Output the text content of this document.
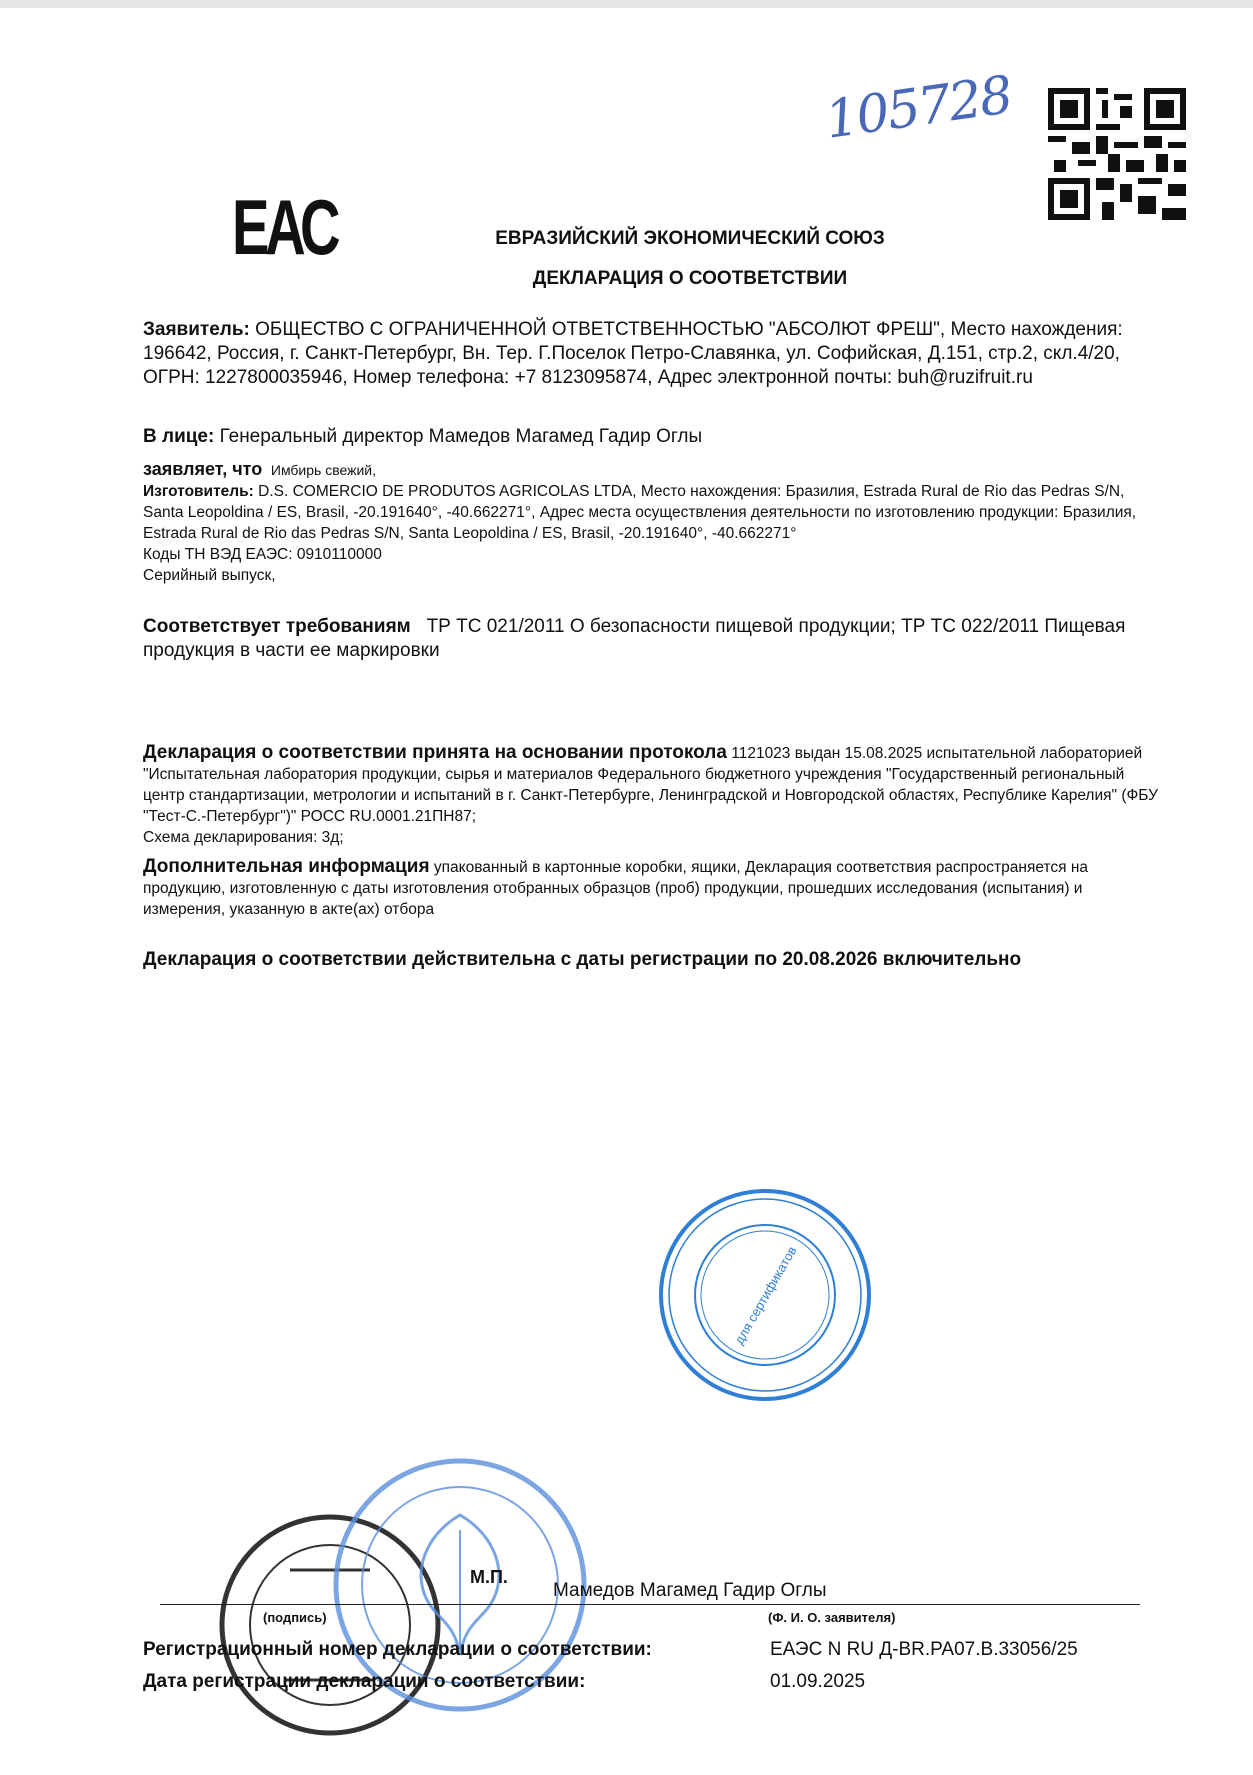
105728
ЕАС	ЕВРАЗИЙСКИЙ ЭКОНОМИЧЕСКИЙ СОЮЗ
ДЕКЛАРАЦИЯ О СООТВЕТСТВИИ
Заявитель: ОБЩЕСТВО С ОГРАНИЧЕННОЙ ОТВЕТСТВЕННОСТЬЮ "АБСОЛЮТ ФРЕШ", Место нахождения: 196642, Россия, г. Санкт-Петербург, Вн. Тер. Г.Поселок Петро-Славянка, ул. Софийская, Д.151, стр.2, скл.4/20, ОГРН: 1227800035946, Номер телефона: +7 8123095874, Адрес электронной почты: buh@ruzifruit.ru
В лице: Генеральный директор Мамедов Магамед Гадир Оглы
заявляет, что Имбирь свежий,
Изготовитель: D.S. COMERCIO DE PRODUTOS AGRICOLAS LTDA, Место нахождения: Бразилия, Estrada Rural de Rio das Pedras S/N, Santa Leopoldina / ES, Brasil, -20.191640°, -40.662271°, Адрес места осуществления деятельности по изготовлению продукции: Бразилия, Estrada Rural de Rio das Pedras S/N, Santa Leopoldina / ES, Brasil, -20.191640°, -40.662271°
Коды ТН ВЭД ЕАЭС: 0910110000
Серийный выпуск,
Соответствует требованиям ТР ТС 021/2011 О безопасности пищевой продукции; ТР ТС 022/2011 Пищевая продукция в части ее маркировки
Декларация о соответствии принята на основании протокола 1121023 выдан 15.08.2025 испытательной лабораторией "Испытательная лаборатория продукции, сырья и материалов Федерального бюджетного учреждения "Государственный региональный центр стандартизации, метрологии и испытаний в г. Санкт-Петербурге, Ленинградской и Новгородской областях, Республике Карелия" (ФБУ "Тест-С.-Петербург")" РОСС RU.0001.21ПН87;
Схема декларирования: 3д;
Дополнительная информация упакованный в картонные коробки, ящики, Декларация соответствия распространяется на продукцию, изготовленную с даты изготовления отобранных образцов (проб) продукции, прошедших исследования (испытания) и измерения, указанную в акте(ах) отбора
Декларация о соответствии действительна с даты регистрации по 20.08.2026 включительно
для сертификатов
М.П.
Мамедов Магамед Гадир Оглы
(подпись)	(Ф. И. О. заявителя)
Регистрационный номер декларации о соответствии:	ЕАЭС N RU Д-BR.PA07.B.33056/25
Дата регистрации декларации о соответствии:	01.09.2025
